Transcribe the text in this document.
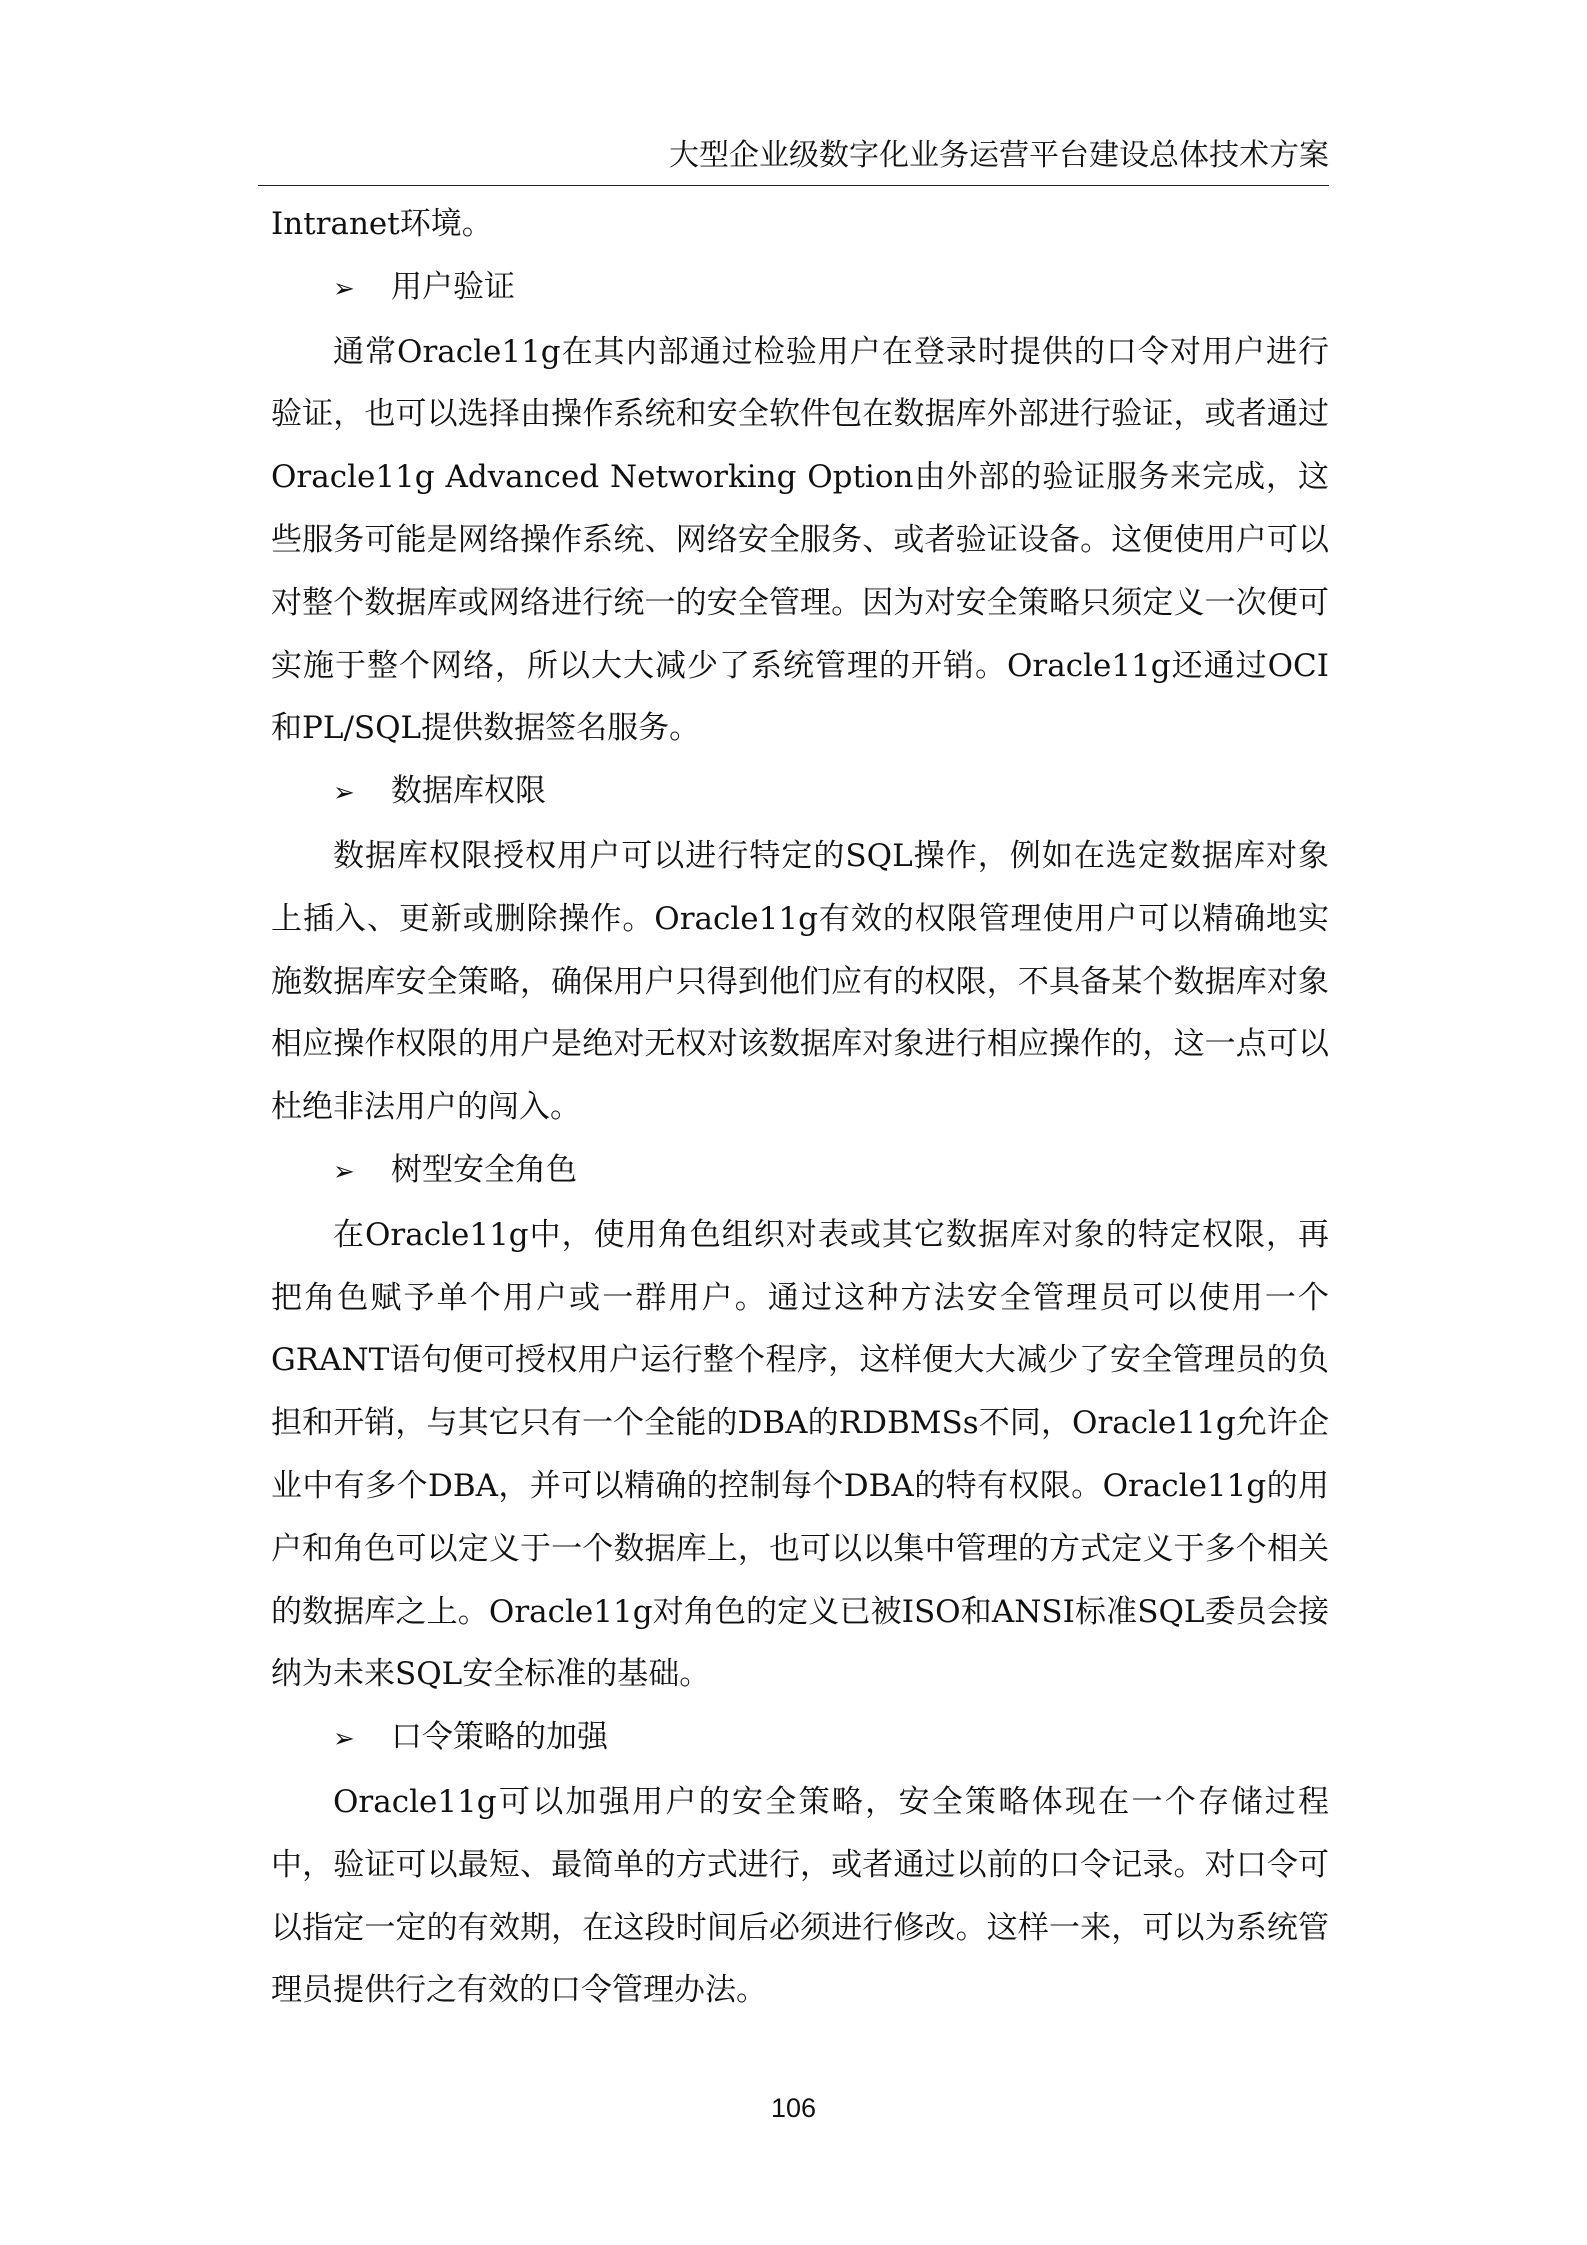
大型企业级数字化业务运营平台建设总体技术方案

Intranet环境。

➢ 用户验证

通常Oracle11g在其内部通过检验用户在登录时提供的口令对用户进行验证，也可以选择由操作系统和安全软件包在数据库外部进行验证，或者通过Oracle11g Advanced Networking Option由外部的验证服务来完成，这些服务可能是网络操作系统、网络安全服务、或者验证设备。这便使用户可以对整个数据库或网络进行统一的安全管理。因为对安全策略只须定义一次便可实施于整个网络，所以大大减少了系统管理的开销。Oracle11g还通过OCI和PL/SQL提供数据签名服务。

➢ 数据库权限

数据库权限授权用户可以进行特定的SQL操作，例如在选定数据库对象上插入、更新或删除操作。Oracle11g有效的权限管理使用户可以精确地实施数据库安全策略，确保用户只得到他们应有的权限，不具备某个数据库对象相应操作权限的用户是绝对无权对该数据库对象进行相应操作的，这一点可以杜绝非法用户的闯入。

➢ 树型安全角色

在Oracle11g中，使用角色组织对表或其它数据库对象的特定权限，再把角色赋予单个用户或一群用户。通过这种方法安全管理员可以使用一个GRANT语句便可授权用户运行整个程序，这样便大大减少了安全管理员的负担和开销，与其它只有一个全能的DBA的RDBMSs不同，Oracle11g允许企业中有多个DBA，并可以精确的控制每个DBA的特有权限。Oracle11g的用户和角色可以定义于一个数据库上，也可以以集中管理的方式定义于多个相关的数据库之上。Oracle11g对角色的定义已被ISO和ANSI标准SQL委员会接纳为未来SQL安全标准的基础。

➢ 口令策略的加强

Oracle11g可以加强用户的安全策略，安全策略体现在一个存储过程中，验证可以最短、最简单的方式进行，或者通过以前的口令记录。对口令可以指定一定的有效期，在这段时间后必须进行修改。这样一来，可以为系统管理员提供行之有效的口令管理办法。

106
